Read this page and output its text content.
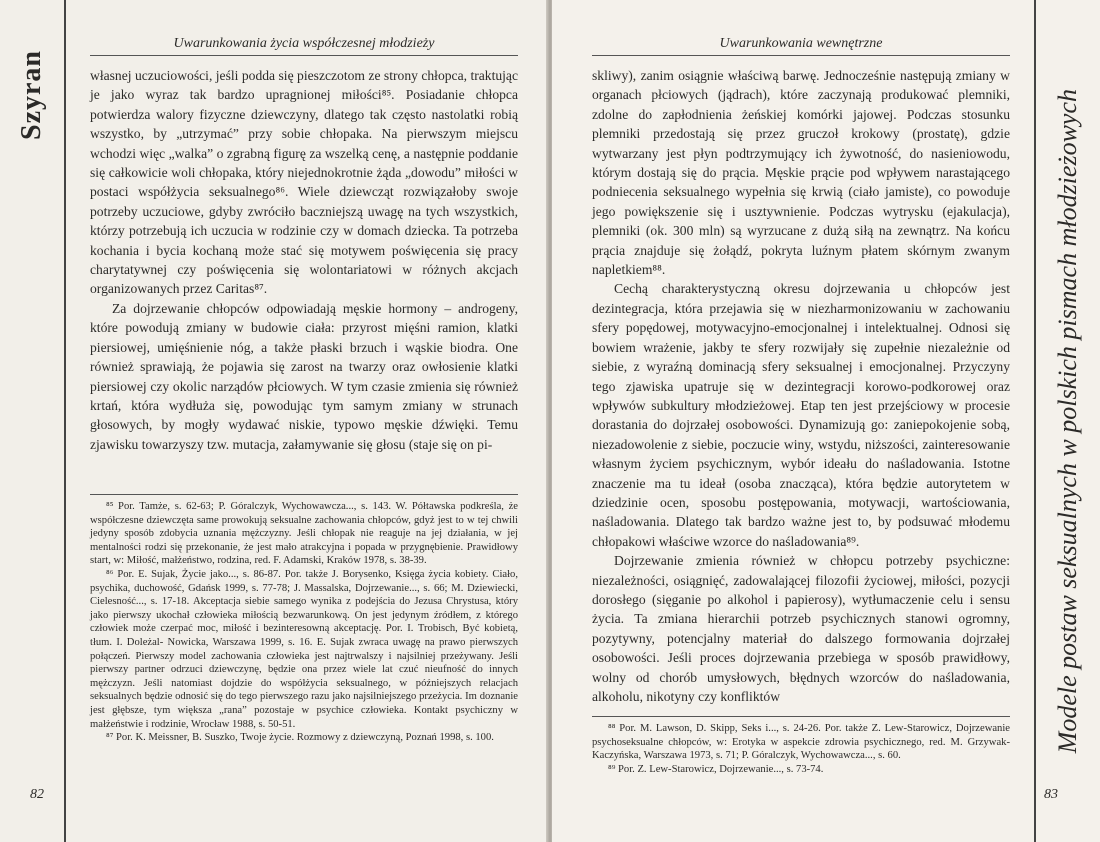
Szyran
Uwarunkowania życia współczesnej młodzieży

własnej uczuciowości, jeśli podda się pieszczotom ze strony chłopca, traktując je jako wyraz tak bardzo upragnionej miłości⁸⁵. Posiadanie chłopca potwierdza walory fizyczne dziewczyny, dlatego tak często nastolatki robią wszystko, by „utrzymać” przy sobie chłopaka. Na pierwszym miejscu wchodzi więc „walka” o zgrabną figurę za wszelką cenę, a następnie poddanie się całkowicie woli chłopaka, który niejednokrotnie żąda „dowodu” miłości w postaci współżycia seksualnego⁸⁶. Wiele dziewcząt rozwiązałoby swoje potrzeby uczuciowe, gdyby zwróciło baczniejszą uwagę na tych wszystkich, którzy potrzebują ich uczucia w rodzinie czy w domach dziecka. Ta potrzeba kochania i bycia kochaną może stać się motywem poświęcenia się pracy charytatywnej czy poświęcenia się wolontariatowi w różnych akcjach organizowanych przez Caritas⁸⁷.

Za dojrzewanie chłopców odpowiadają męskie hormony – androgeny, które powodują zmiany w budowie ciała: przyrost mięśni ramion, klatki piersiowej, umięśnienie nóg, a także płaski brzuch i wąskie biodra. One również sprawiają, że pojawia się zarost na twarzy oraz owłosienie klatki piersiowej czy okolic narządów płciowych. W tym czasie zmienia się również krtań, która wydłuża się, powodując tym samym zmiany w strunach głosowych, by mogły wydawać niskie, typowo męskie dźwięki. Temu zjawisku towarzyszy tzw. mutacja, załamywanie się głosu (staje się on pi-

⁸⁵ Por. Tamże, s. 62-63; P. Góralczyk, Wychowawcza..., s. 143. W. Półtawska podkreśla, że współczesne dziewczęta same prowokują seksualne zachowania chłopców, gdyż jest to w tej chwili jedyny sposób zdobycia uznania mężczyzny. Jeśli chłopak nie reaguje na jej działania, w jej mentalności rodzi się przekonanie, że jest mało atrakcyjna i popada w przygnębienie. Prawidłowy start, w: Miłość, małżeństwo, rodzina, red. F. Adamski, Kraków 1978, s. 38-39.

⁸⁶ Por. E. Sujak, Życie jako..., s. 86-87. Por. także J. Borysenko, Księga życia kobiety. Ciało, psychika, duchowość, Gdańsk 1999, s. 77-78; J. Massalska, Dojrzewanie..., s. 66; M. Dziewiecki, Cielesność..., s. 17-18. Akceptacja siebie samego wynika z podejścia do Jezusa Chrystusa, który jako pierwszy ukochał człowieka miłością bezwarunkową. On jest jedynym źródłem, z którego człowiek może czerpać moc, miłość i bezinteresowną akceptację. Por. I. Trobisch, Być kobietą, tłum. I. Doleżal- Nowicka, Warszawa 1999, s. 16. E. Sujak zwraca uwagę na prawo pierwszych połączeń. Pierwszy model zachowania człowieka jest najtrwalszy i najsilniej przeżywany. Jeśli pierwszy partner odrzuci dziewczynę, będzie ona przez wiele lat czuć nieufność do innych mężczyzn. Jeśli natomiast dojdzie do współżycia seksualnego, w późniejszych relacjach seksualnych będzie odnosić się do tego pierwszego razu jako najsilniejszego przeżycia. Im doznanie jest głębsze, tym większa „rana” pozostaje w psychice człowieka. Kontakt psychiczny w małżeństwie i rodzinie, Wrocław 1988, s. 50-51.

⁸⁷ Por. K. Meissner, B. Suszko, Twoje życie. Rozmowy z dziewczyną, Poznań 1998, s. 100.

82
Uwarunkowania wewnętrzne

skliwy), zanim osiągnie właściwą barwę. Jednocześnie następują zmiany w organach płciowych (jądrach), które zaczynają produkować plemniki, zdolne do zapłodnienia żeńskiej komórki jajowej. Podczas stosunku plemniki przedostają się przez gruczoł krokowy (prostatę), gdzie wytwarzany jest płyn podtrzymujący ich żywotność, do nasieniowodu, którym dostają się do prącia. Męskie prącie pod wpływem narastającego podniecenia seksualnego wypełnia się krwią (ciało jamiste), co powoduje jego powiększenie się i usztywnienie. Podczas wytrysku (ejakulacja), plemniki (ok. 300 mln) są wyrzucane z dużą siłą na zewnątrz. Na końcu prącia znajduje się żołądź, pokryta luźnym płatem skórnym zwanym napletkiem⁸⁸.

Cechą charakterystyczną okresu dojrzewania u chłopców jest dezintegracja, która przejawia się w niezharmonizowaniu w zachowaniu sfery popędowej, motywacyjno-emocjonalnej i intelektualnej. Odnosi się bowiem wrażenie, jakby te sfery rozwijały się zupełnie niezależnie od siebie, z wyraźną dominacją sfery seksualnej i emocjonalnej. Przyczyny tego zjawiska upatruje się w dezintegracji korowo-podkorowej oraz wpływów subkultury młodzieżowej. Etap ten jest przejściowy w procesie dorastania do dojrzałej osobowości. Dynamizują go: zaniepokojenie sobą, niezadowolenie z siebie, poczucie winy, wstydu, niższości, zainteresowanie własnym życiem psychicznym, wybór ideału do naśladowania. Istotne znaczenie ma tu ideał (osoba znacząca), która będzie autorytetem w dziedzinie ocen, sposobu postępowania, motywacji, wartościowania, naśladowania. Dlatego tak bardzo ważne jest to, by podsuwać młodemu chłopakowi właściwe wzorce do naśladowania⁸⁹.

Dojrzewanie zmienia również w chłopcu potrzeby psychiczne: niezależności, osiągnięć, zadowalającej filozofii życiowej, miłości, pozycji dorosłego (sięganie po alkohol i papierosy), wytłumaczenie celu i sensu życia. Ta zmiana hierarchii potrzeb psychicznych stanowi ogromny, pozytywny, potencjalny materiał do dalszego formowania dojrzałej osobowości. Jeśli proces dojrzewania przebiega w sposób prawidłowy, wolny od chorób umysłowych, błędnych wzorców do naśladowania, alkoholu, nikotyny czy konfliktów

⁸⁸ Por. M. Lawson, D. Skipp, Seks i..., s. 24-26. Por. także Z. Lew-Starowicz, Dojrzewanie psychoseksualne chłopców, w: Erotyka w aspekcie zdrowia psychicznego, red. M. Grzywak-Kaczyńska, Warszawa 1973, s. 71; P. Góralczyk, Wychowawcza..., s. 60.

⁸⁹ Por. Z. Lew-Starowicz, Dojrzewanie..., s. 73-74.

Modele postaw seksualnych w polskich pismach młodzieżowych
83
